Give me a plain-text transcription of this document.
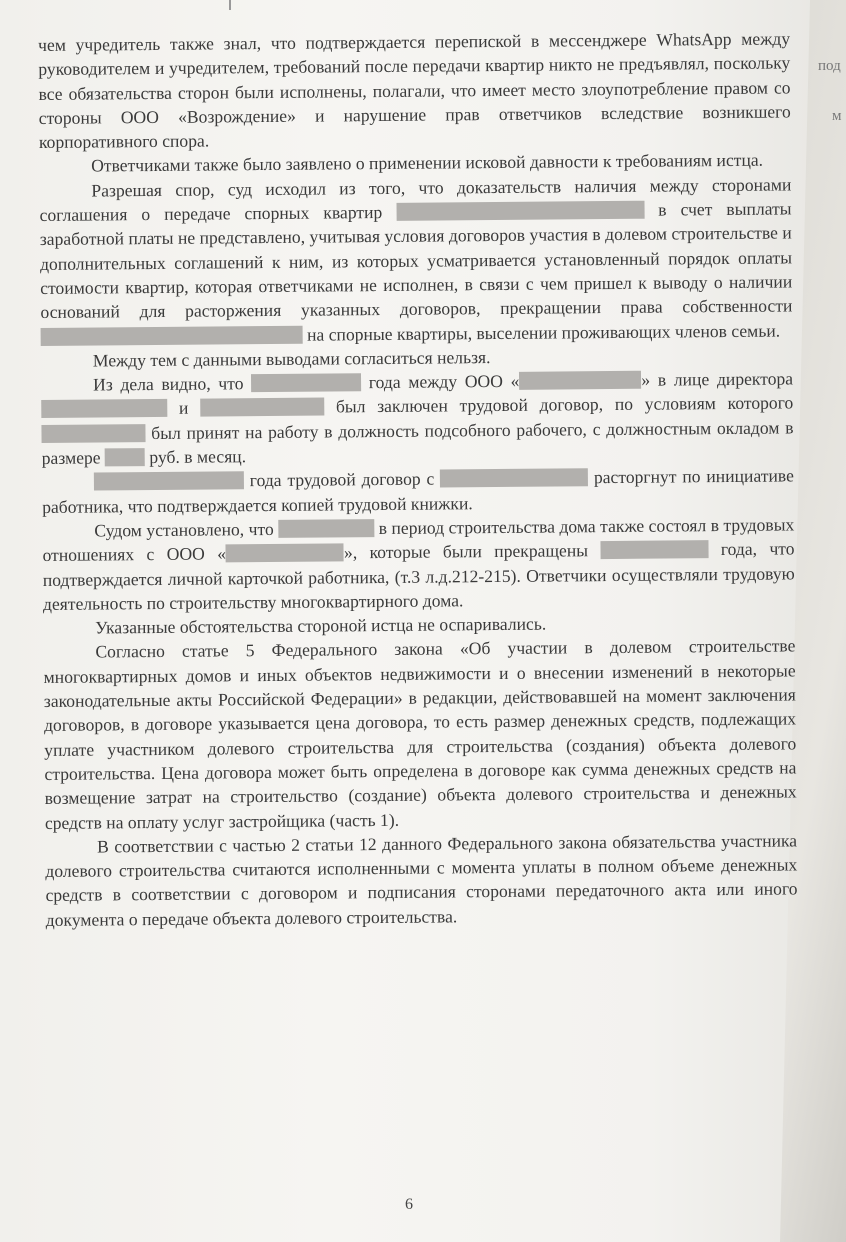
под
м

чем учредитель также знал, что подтверждается перепиской в мессенджере WhatsApp между руководителем и учредителем, требований после передачи квартир никто не предъявлял, поскольку все обязательства сторон были исполнены, полагали, что имеет место злоупотребление правом со стороны ООО «Возрождение» и нарушение прав ответчиков вследствие возникшего корпоративного спора.

Ответчиками также было заявлено о применении исковой давности к требованиям истца.

Разрешая спор, суд исходил из того, что доказательств наличия между сторонами соглашения о передаче спорных квартир	в счет выплаты заработной платы не представлено, учитывая условия договоров участия в долевом строительстве и дополнительных соглашений к ним, из которых усматривается установленный порядок оплаты стоимости квартир, которая ответчиками не исполнен, в связи с чем пришел к выводу о наличии оснований для расторжения указанных договоров, прекращении права собственности  на спорные квартиры, выселении проживающих членов семьи.

Между тем с данными выводами согласиться нельзя.

Из дела видно, что	года между ООО «	» в лице директора  и	был заключен трудовой договор, по условиям которого  был принят на работу в должность подсобного рабочего, с должностным окладом в размере  руб. в месяц.

года трудовой договор с	расторгнут по инициативе работника, что подтверждается копией трудовой книжки.

Судом установлено, что	в период строительства дома также состоял в трудовых отношениях с ООО «	», которые были прекращены	года, что подтверждается личной карточкой работника, (т.3 л.д.212-215). Ответчики осуществляли трудовую деятельность по строительству многоквартирного дома.

Указанные обстоятельства стороной истца не оспаривались.

Согласно статье 5 Федерального закона «Об участии в долевом строительстве многоквартирных домов и иных объектов недвижимости и о внесении изменений в некоторые законодательные акты Российской Федерации» в редакции, действовавшей на момент заключения договоров, в договоре указывается цена договора, то есть размер денежных средств, подлежащих уплате участником долевого строительства для строительства (создания) объекта долевого строительства. Цена договора может быть определена в договоре как сумма денежных средств на возмещение затрат на строительство (создание) объекта долевого строительства и денежных средств на оплату услуг застройщика (часть 1).

В соответствии с частью 2 статьи 12 данного Федерального закона обязательства участника долевого строительства считаются исполненными с момента уплаты в полном объеме денежных средств в соответствии с договором и подписания сторонами передаточного акта или иного документа о передаче объекта долевого строительства.

6
